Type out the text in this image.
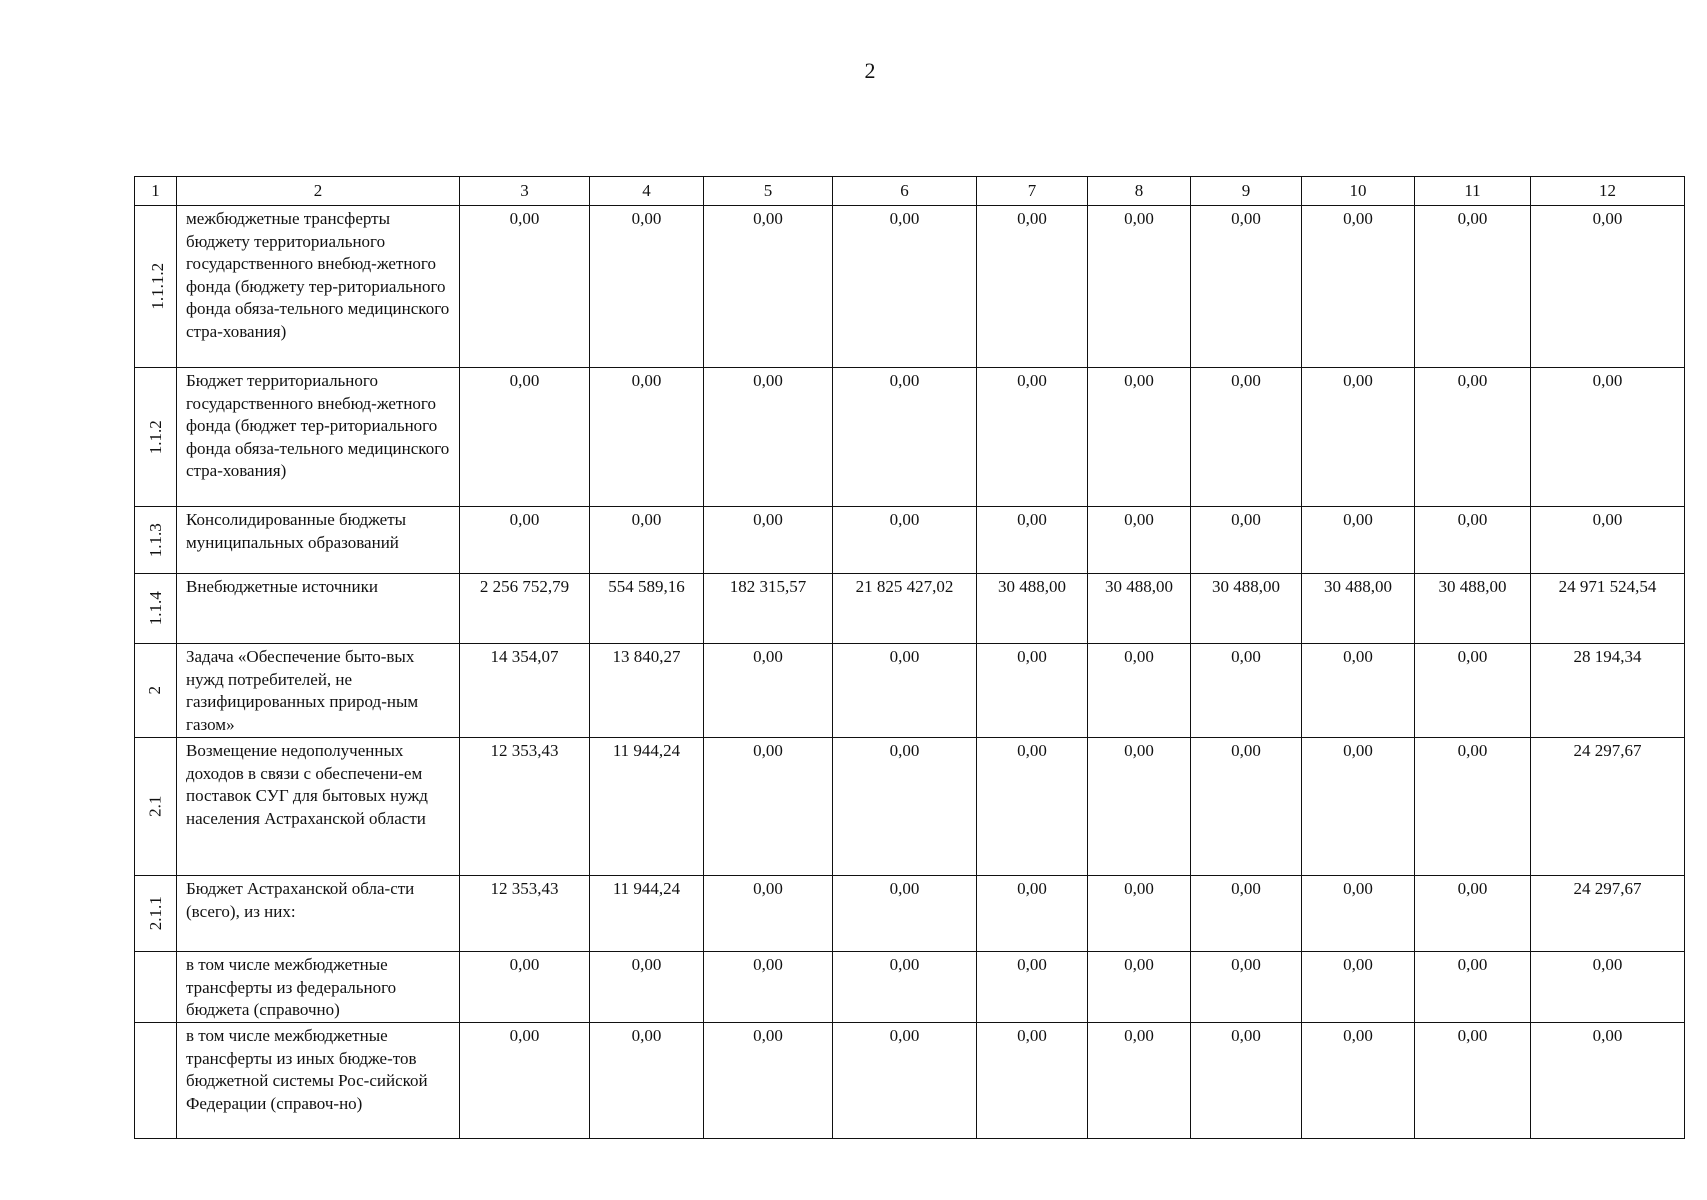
2
1	2	3	4	5	6	7	8	9	10	11	12
1.1.1.2	межбюджетные трансферты бюджету территориального государственного внебюд-жетного фонда (бюджету тер-риториального фонда обяза-тельного медицинского стра-хования)	0,00	0,00	0,00	0,00	0,00	0,00	0,00	0,00	0,00	0,00
1.1.2	Бюджет территориального государственного внебюд-жетного фонда (бюджет тер-риториального фонда обяза-тельного медицинского стра-хования)	0,00	0,00	0,00	0,00	0,00	0,00	0,00	0,00	0,00	0,00
1.1.3	Консолидированные бюджеты муниципальных образований	0,00	0,00	0,00	0,00	0,00	0,00	0,00	0,00	0,00	0,00
1.1.4	Внебюджетные источники	2 256 752,79	554 589,16	182 315,57	21 825 427,02	30 488,00	30 488,00	30 488,00	30 488,00	30 488,00	24 971 524,54
2	Задача «Обеспечение быто-вых нужд потребителей, не газифицированных природ-ным газом»	14 354,07	13 840,27	0,00	0,00	0,00	0,00	0,00	0,00	0,00	28 194,34
2.1	Возмещение недополученных доходов в связи с обеспечени-ем поставок СУГ для бытовых нужд населения Астраханской области	12 353,43	11 944,24	0,00	0,00	0,00	0,00	0,00	0,00	0,00	24 297,67
2.1.1	Бюджет Астраханской обла-сти (всего), из них:	12 353,43	11 944,24	0,00	0,00	0,00	0,00	0,00	0,00	0,00	24 297,67
	в том числе межбюджетные трансферты из федерального бюджета (справочно)	0,00	0,00	0,00	0,00	0,00	0,00	0,00	0,00	0,00	0,00
	в том числе межбюджетные трансферты из иных бюдже-тов бюджетной системы Рос-сийской Федерации (справоч-но)	0,00	0,00	0,00	0,00	0,00	0,00	0,00	0,00	0,00	0,00
